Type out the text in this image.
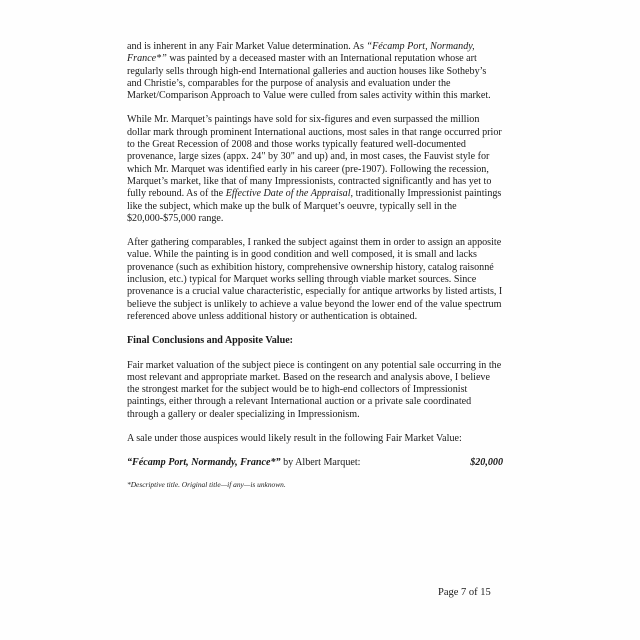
and is inherent in any Fair Market Value determination. As “Fécamp Port, Normandy, France*” was painted by a deceased master with an International reputation whose art regularly sells through high-end International galleries and auction houses like Sotheby’s and Christie’s, comparables for the purpose of analysis and evaluation under the Market/Comparison Approach to Value were culled from sales activity within this market.

While Mr. Marquet’s paintings have sold for six-figures and even surpassed the million dollar mark through prominent International auctions, most sales in that range occurred prior to the Great Recession of 2008 and those works typically featured well-documented provenance, large sizes (appx. 24" by 30" and up) and, in most cases, the Fauvist style for which Mr. Marquet was identified early in his career (pre-1907). Following the recession, Marquet’s market, like that of many Impressionists, contracted significantly and has yet to fully rebound. As of the Effective Date of the Appraisal, traditionally Impressionist paintings like the subject, which make up the bulk of Marquet’s oeuvre, typically sell in the $20,000-$75,000 range.

After gathering comparables, I ranked the subject against them in order to assign an apposite value. While the painting is in good condition and well composed, it is small and lacks provenance (such as exhibition history, comprehensive ownership history, catalog raisonné inclusion, etc.) typical for Marquet works selling through viable market sources. Since provenance is a crucial value characteristic, especially for antique artworks by listed artists, I believe the subject is unlikely to achieve a value beyond the lower end of the value spectrum referenced above unless additional history or authentication is obtained.

Final Conclusions and Apposite Value:

Fair market valuation of the subject piece is contingent on any potential sale occurring in the most relevant and appropriate market. Based on the research and analysis above, I believe the strongest market for the subject would be to high-end collectors of Impressionist paintings, either through a relevant International auction or a private sale coordinated through a gallery or dealer specializing in Impressionism.

A sale under those auspices would likely result in the following Fair Market Value:

“Fécamp Port, Normandy, France*” by Albert Marquet:	$20,000
*Descriptive title. Original title—if any—is unknown.
Page 7 of 15
